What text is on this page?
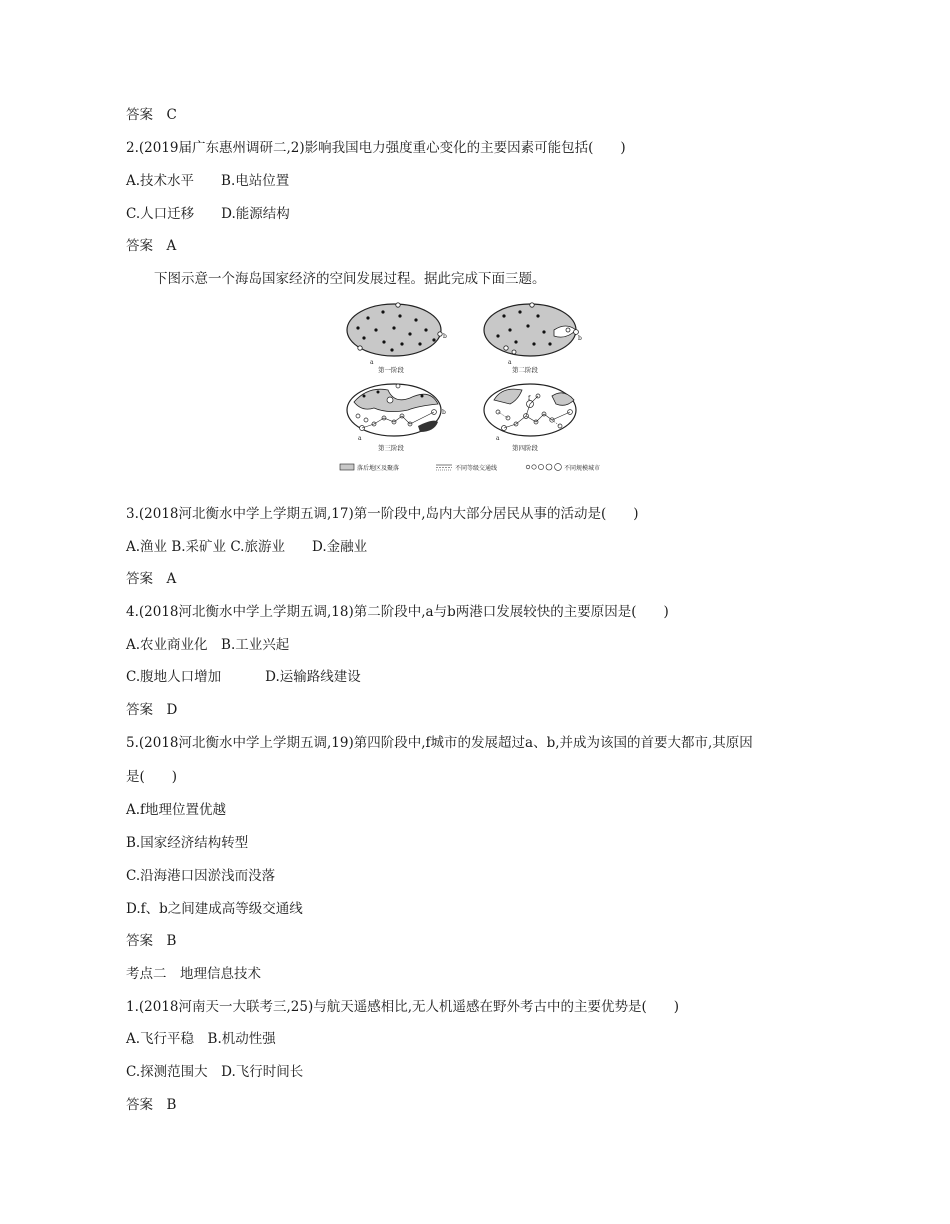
答案　C
2.(2019届广东惠州调研二,2)影响我国电力强度重心变化的主要因素可能包括(　　)
A.技术水平　　B.电站位置
C.人口迁移　　D.能源结构
答案　A
下图示意一个海岛国家经济的空间发展过程。据此完成下面三题。
a
b
第一阶段
a
b
第二阶段
a
b
第三阶段
a
f
第四阶段
落后地区及聚落	不同等级交通线	不同规模城市
3.(2018河北衡水中学上学期五调,17)第一阶段中,岛内大部分居民从事的活动是(　　)
A.渔业 B.采矿业 C.旅游业　　D.金融业
答案　A
4.(2018河北衡水中学上学期五调,18)第二阶段中,a与b两港口发展较快的主要原因是(　　)
A.农业商业化　B.工业兴起
C.腹地人口增加	D.运输路线建设
答案　D
5.(2018河北衡水中学上学期五调,19)第四阶段中,f城市的发展超过a、b,并成为该国的首要大都市,其原因
是(　　)
A.f地理位置优越
B.国家经济结构转型
C.沿海港口因淤浅而没落
D.f、b之间建成高等级交通线
答案　B
考点二　地理信息技术
1.(2018河南天一大联考三,25)与航天遥感相比,无人机遥感在野外考古中的主要优势是(　　)
A.飞行平稳　B.机动性强
C.探测范围大　D.飞行时间长
答案　B
